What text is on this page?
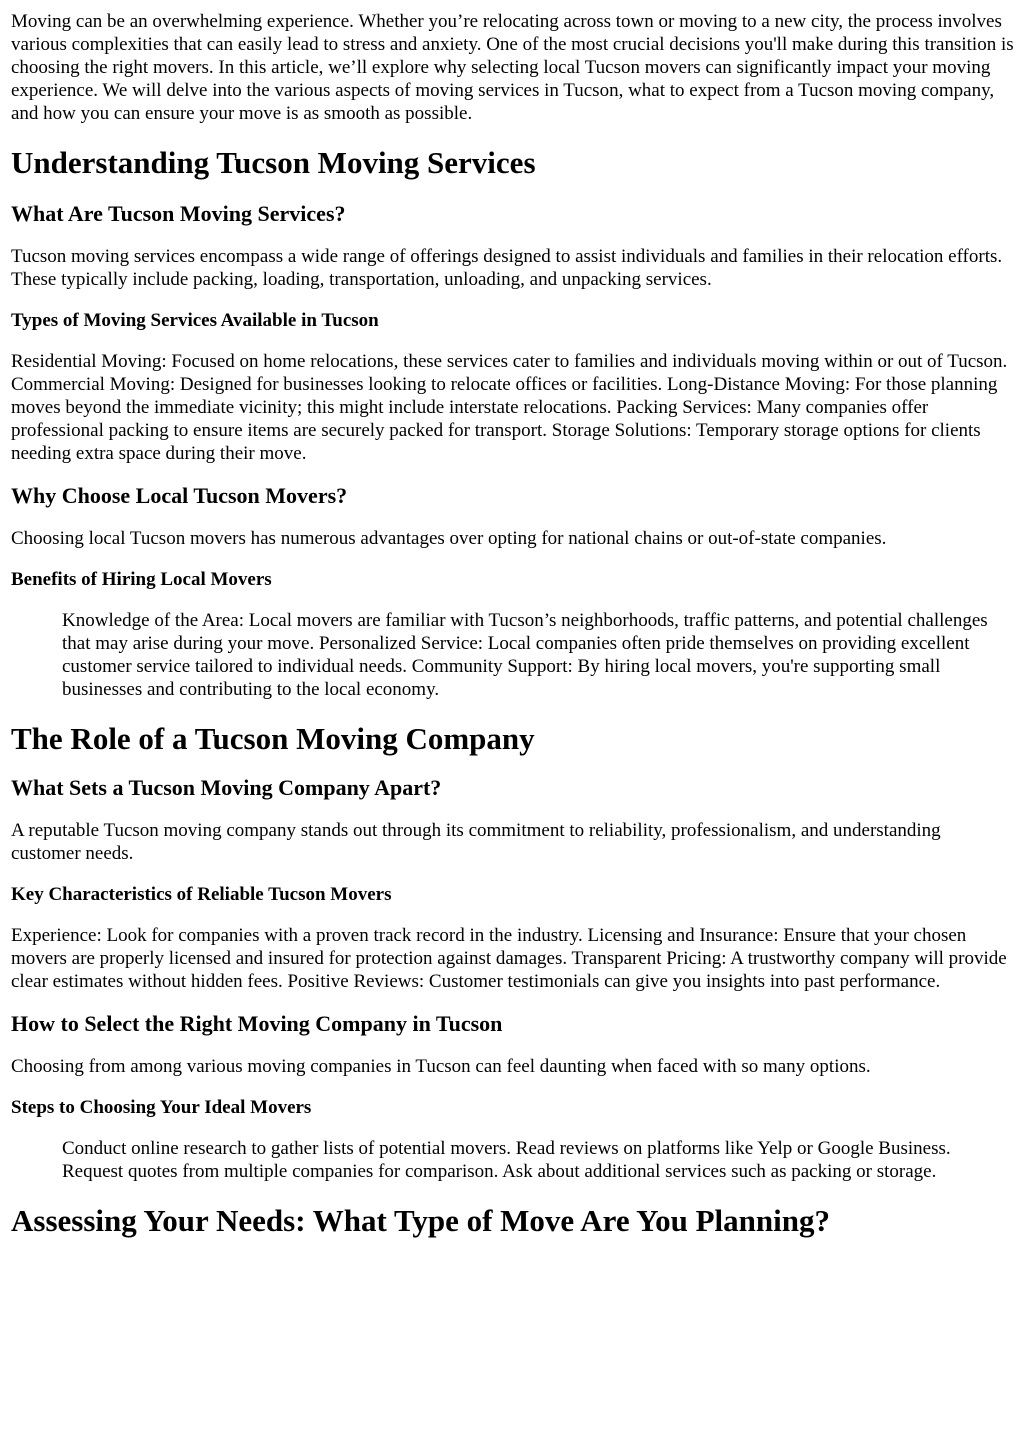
Moving can be an overwhelming experience. Whether you’re relocating across town or moving to a new city, the process involves various complexities that can easily lead to stress and anxiety. One of the most crucial decisions you'll make during this transition is choosing the right movers. In this article, we’ll explore why selecting local Tucson movers can significantly impact your moving experience. We will delve into the various aspects of moving services in Tucson, what to expect from a Tucson moving company, and how you can ensure your move is as smooth as possible.

Understanding Tucson Moving Services
What Are Tucson Moving Services?

Tucson moving services encompass a wide range of offerings designed to assist individuals and families in their relocation efforts. These typically include packing, loading, transportation, unloading, and unpacking services.

Types of Moving Services Available in Tucson

Residential Moving: Focused on home relocations, these services cater to families and individuals moving within or out of Tucson. Commercial Moving: Designed for businesses looking to relocate offices or facilities. Long-Distance Moving: For those planning moves beyond the immediate vicinity; this might include interstate relocations. Packing Services: Many companies offer professional packing to ensure items are securely packed for transport. Storage Solutions: Temporary storage options for clients needing extra space during their move.

Why Choose Local Tucson Movers?

Choosing local Tucson movers has numerous advantages over opting for national chains or out-of-state companies.

Benefits of Hiring Local Movers
Knowledge of the Area: Local movers are familiar with Tucson’s neighborhoods, traffic patterns, and potential challenges that may arise during your move. Personalized Service: Local companies often pride themselves on providing excellent customer service tailored to individual needs. Community Support: By hiring local movers, you're supporting small businesses and contributing to the local economy.
The Role of a Tucson Moving Company
What Sets a Tucson Moving Company Apart?

A reputable Tucson moving company stands out through its commitment to reliability, professionalism, and understanding customer needs.

Key Characteristics of Reliable Tucson Movers

Experience: Look for companies with a proven track record in the industry. Licensing and Insurance: Ensure that your chosen movers are properly licensed and insured for protection against damages. Transparent Pricing: A trustworthy company will provide clear estimates without hidden fees. Positive Reviews: Customer testimonials can give you insights into past performance.

How to Select the Right Moving Company in Tucson

Choosing from among various moving companies in Tucson can feel daunting when faced with so many options.

Steps to Choosing Your Ideal Movers
Conduct online research to gather lists of potential movers. Read reviews on platforms like Yelp or Google Business. Request quotes from multiple companies for comparison. Ask about additional services such as packing or storage.
Assessing Your Needs: What Type of Move Are You Planning?
